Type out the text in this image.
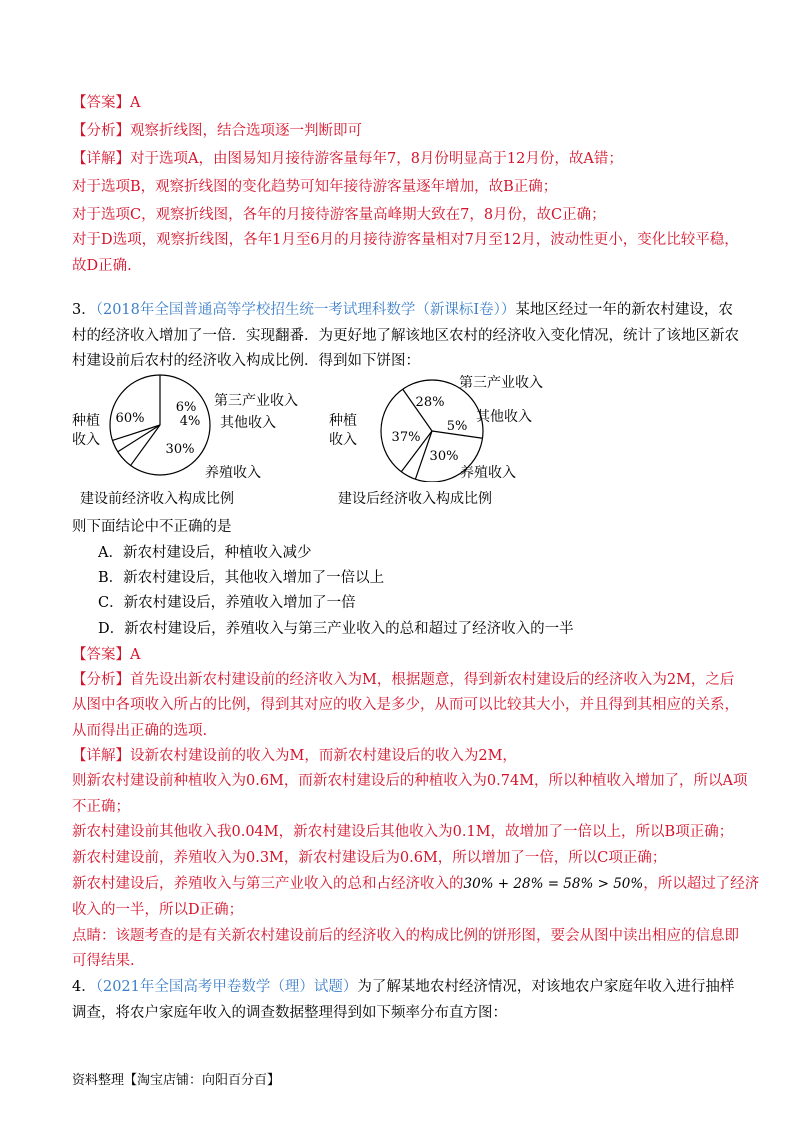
【答案】A
【分析】观察折线图，结合选项逐一判断即可
【详解】对于选项A，由图易知月接待游客量每年7，8月份明显高于12月份，故A错；
对于选项B，观察折线图的变化趋势可知年接待游客量逐年增加，故B正确；
对于选项C，观察折线图，各年的月接待游客量高峰期大致在7，8月份，故C正确；
对于D选项，观察折线图，各年1月至6月的月接待游客量相对7月至12月，波动性更小，变化比较平稳，
故D正确.
3．（2018年全国普通高等学校招生统一考试理科数学（新课标I卷））某地区经过一年的新农村建设，农
村的经济收入增加了一倍．实现翻番．为更好地了解该地区农村的经济收入变化情况，统计了该地区新农
村建设前后农村的经济收入构成比例．得到如下饼图：
60%
6%
4%
30%
37%
28%
5%
30%
第三产业收入
其他收入
种植收入
养殖收入
建设前经济收入构成比例
第三产业收入
其他收入
种植收入
养殖收入
建设后经济收入构成比例
则下面结论中不正确的是
A．新农村建设后，种植收入减少
B．新农村建设后，其他收入增加了一倍以上
C．新农村建设后，养殖收入增加了一倍
D．新农村建设后，养殖收入与第三产业收入的总和超过了经济收入的一半
【答案】A
【分析】首先设出新农村建设前的经济收入为M，根据题意，得到新农村建设后的经济收入为2M，之后
从图中各项收入所占的比例，得到其对应的收入是多少，从而可以比较其大小，并且得到其相应的关系，
从而得出正确的选项.
【详解】设新农村建设前的收入为M，而新农村建设后的收入为2M，
则新农村建设前种植收入为0.6M，而新农村建设后的种植收入为0.74M，所以种植收入增加了，所以A项
不正确；
新农村建设前其他收入我0.04M，新农村建设后其他收入为0.1M，故增加了一倍以上，所以B项正确；
新农村建设前，养殖收入为0.3M，新农村建设后为0.6M，所以增加了一倍，所以C项正确；
新农村建设后，养殖收入与第三产业收入的总和占经济收入的30% + 28% = 58% > 50%，所以超过了经济
收入的一半，所以D正确；
点睛：该题考查的是有关新农村建设前后的经济收入的构成比例的饼形图，要会从图中读出相应的信息即
可得结果.
4．（2021年全国高考甲卷数学（理）试题）为了解某地农村经济情况，对该地农户家庭年收入进行抽样
调查，将农户家庭年收入的调查数据整理得到如下频率分布直方图：
资料整理【淘宝店铺：向阳百分百】
